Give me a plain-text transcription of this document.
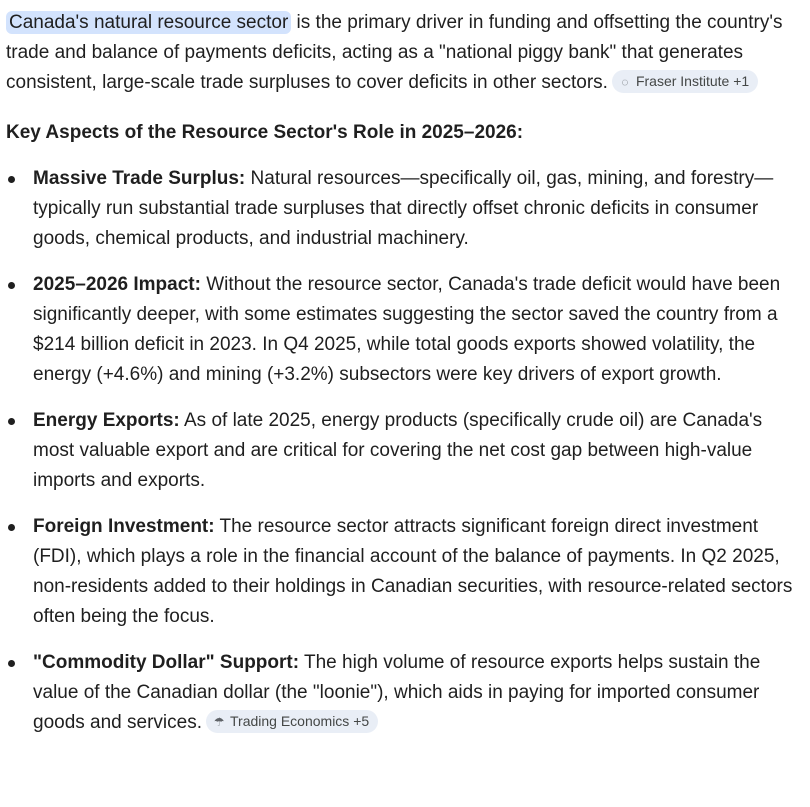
Canada's natural resource sector is the primary driver in funding and offsetting the country's trade and balance of payments deficits, acting as a "national piggy bank" that generates consistent, large-scale trade surpluses to cover deficits in other sectors. ◌ Fraser Institute +1

Key Aspects of the Resource Sector's Role in 2025–2026:
Massive Trade Surplus: Natural resources—specifically oil, gas, mining, and forestry—typically run substantial trade surpluses that directly offset chronic deficits in consumer goods, chemical products, and industrial machinery.
2025–2026 Impact: Without the resource sector, Canada's trade deficit would have been significantly deeper, with some estimates suggesting the sector saved the country from a $214 billion deficit in 2023. In Q4 2025, while total goods exports showed volatility, the energy (+4.6%) and mining (+3.2%) subsectors were key drivers of export growth.
Energy Exports: As of late 2025, energy products (specifically crude oil) are Canada's most valuable export and are critical for covering the net cost gap between high-value imports and exports.
Foreign Investment: The resource sector attracts significant foreign direct investment (FDI), which plays a role in the financial account of the balance of payments. In Q2 2025, non-residents added to their holdings in Canadian securities, with resource-related sectors often being the focus.
"Commodity Dollar" Support: The high volume of resource exports helps sustain the value of the Canadian dollar (the "loonie"), which aids in paying for imported consumer goods and services. ☂ Trading Economics +5
